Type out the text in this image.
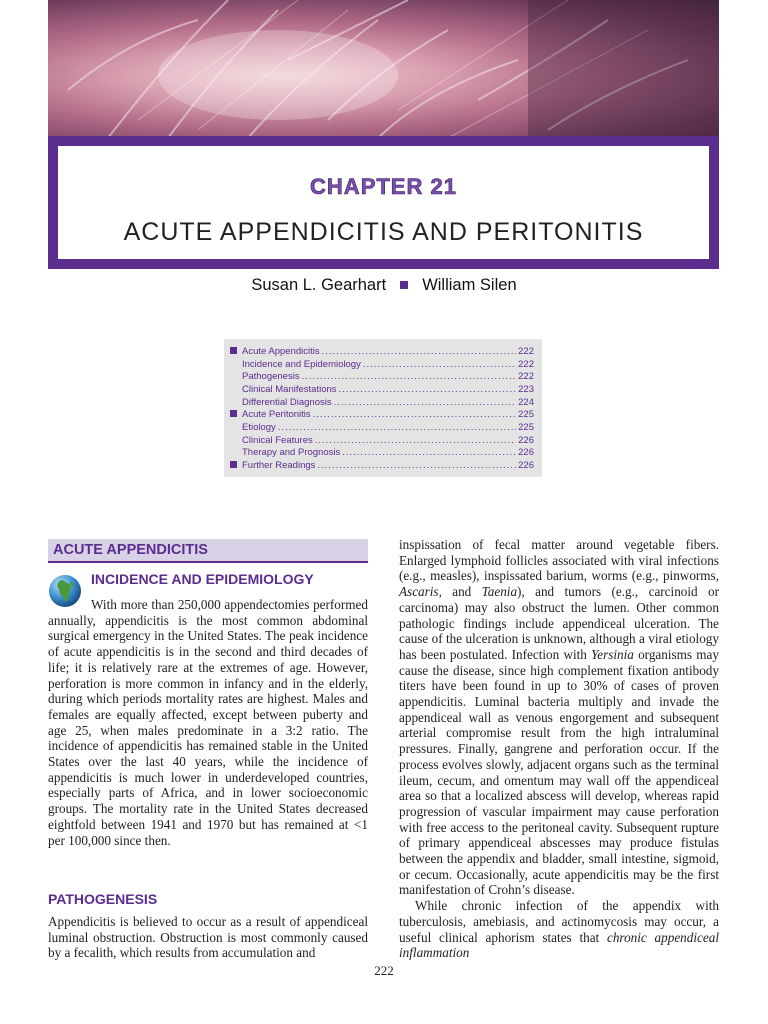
CHAPTER 21
ACUTE APPENDICITIS AND PERITONITIS
Susan L. Gearhart William Silen
Acute Appendicitis .....	222
Incidence and Epidemiology .....	222
Pathogenesis .....	222
Clinical Manifestations .....	223
Differential Diagnosis .....	224
Acute Peritonitis .....	225
Etiology .....	225
Clinical Features .....	226
Therapy and Prognosis .....	226
Further Readings .....	226
ACUTE APPENDICITIS
INCIDENCE AND EPIDEMIOLOGY

With more than 250,000 appendectomies performed annually, appendicitis is the most common abdominal surgical emergency in the United States. The peak incidence of acute appendicitis is in the second and third decades of life; it is relatively rare at the extremes of age. However, perforation is more common in infancy and in the elderly, during which periods mortality rates are highest. Males and females are equally affected, except between puberty and age 25, when males predominate in a 3:2 ratio. The incidence of appendicitis has remained stable in the United States over the last 40 years, while the incidence of appendicitis is much lower in underdeveloped countries, especially parts of Africa, and in lower socioeconomic groups. The mortality rate in the United States decreased eightfold between 1941 and 1970 but has remained at <1 per 100,000 since then.

PATHOGENESIS

Appendicitis is believed to occur as a result of appendiceal luminal obstruction. Obstruction is most commonly caused by a fecalith, which results from accumulation and

inspissation of fecal matter around vegetable fibers. Enlarged lymphoid follicles associated with viral infections (e.g., measles), inspissated barium, worms (e.g., pinworms, Ascaris, and Taenia), and tumors (e.g., carcinoid or carcinoma) may also obstruct the lumen. Other common pathologic findings include appendiceal ulceration. The cause of the ulceration is unknown, although a viral etiology has been postulated. Infection with Yersinia organisms may cause the disease, since high complement fixation antibody titers have been found in up to 30% of cases of proven appendicitis. Luminal bacteria multiply and invade the appendiceal wall as venous engorgement and subsequent arterial compromise result from the high intraluminal pressures. Finally, gangrene and perforation occur. If the process evolves slowly, adjacent organs such as the terminal ileum, cecum, and omentum may wall off the appendiceal area so that a localized abscess will develop, whereas rapid progression of vascular impairment may cause perforation with free access to the peritoneal cavity. Subsequent rupture of primary appendiceal abscesses may produce fistulas between the appendix and bladder, small intestine, sigmoid, or cecum. Occasionally, acute appendicitis may be the first manifestation of Crohn’s disease.

While chronic infection of the appendix with tuberculosis, amebiasis, and actinomycosis may occur, a useful clinical aphorism states that chronic appendiceal inflammation

222
